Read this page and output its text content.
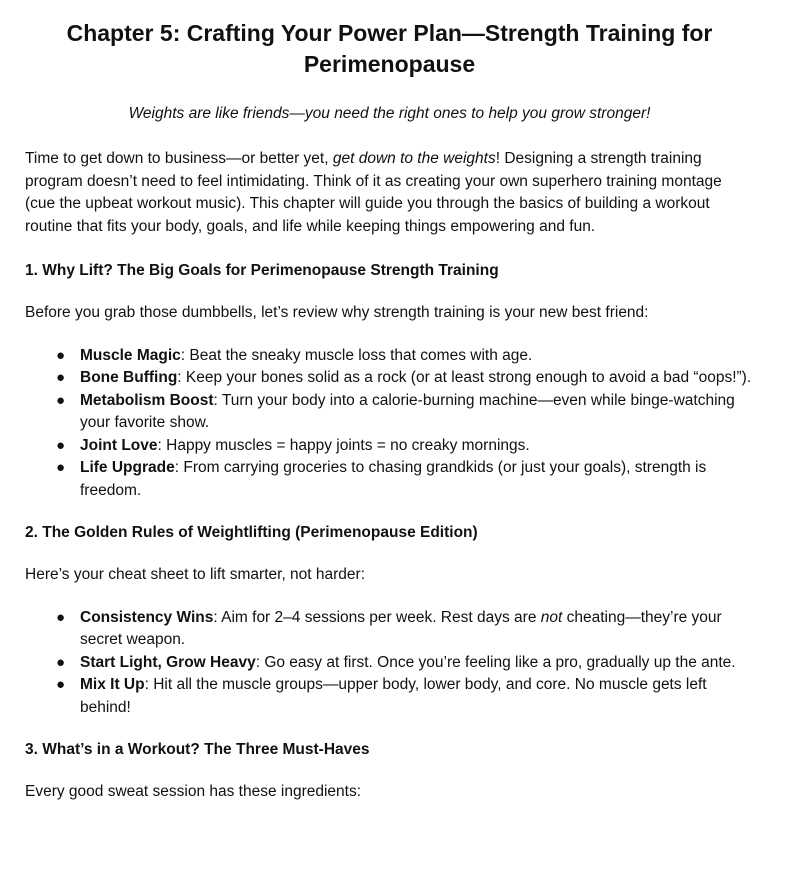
Chapter 5: Crafting Your Power Plan—Strength Training for Perimenopause
Weights are like friends—you need the right ones to help you grow stronger!

Time to get down to business—or better yet, get down to the weights! Designing a strength training program doesn’t need to feel intimidating. Think of it as creating your own superhero training montage (cue the upbeat workout music). This chapter will guide you through the basics of building a workout routine that fits your body, goals, and life while keeping things empowering and fun.

1. Why Lift? The Big Goals for Perimenopause Strength Training

Before you grab those dumbbells, let’s review why strength training is your new best friend:

● Muscle Magic: Beat the sneaky muscle loss that comes with age.
● Bone Buffing: Keep your bones solid as a rock (or at least strong enough to avoid a bad “oops!”).
● Metabolism Boost: Turn your body into a calorie-burning machine—even while binge-watching your favorite show.
● Joint Love: Happy muscles = happy joints = no creaky mornings.
● Life Upgrade: From carrying groceries to chasing grandkids (or just your goals), strength is freedom.

2. The Golden Rules of Weightlifting (Perimenopause Edition)

Here’s your cheat sheet to lift smarter, not harder:

● Consistency Wins: Aim for 2–4 sessions per week. Rest days are not cheating—they’re your secret weapon.
● Start Light, Grow Heavy: Go easy at first. Once you’re feeling like a pro, gradually up the ante.
● Mix It Up: Hit all the muscle groups—upper body, lower body, and core. No muscle gets left behind!

3. What’s in a Workout? The Three Must-Haves

Every good sweat session has these ingredients:
